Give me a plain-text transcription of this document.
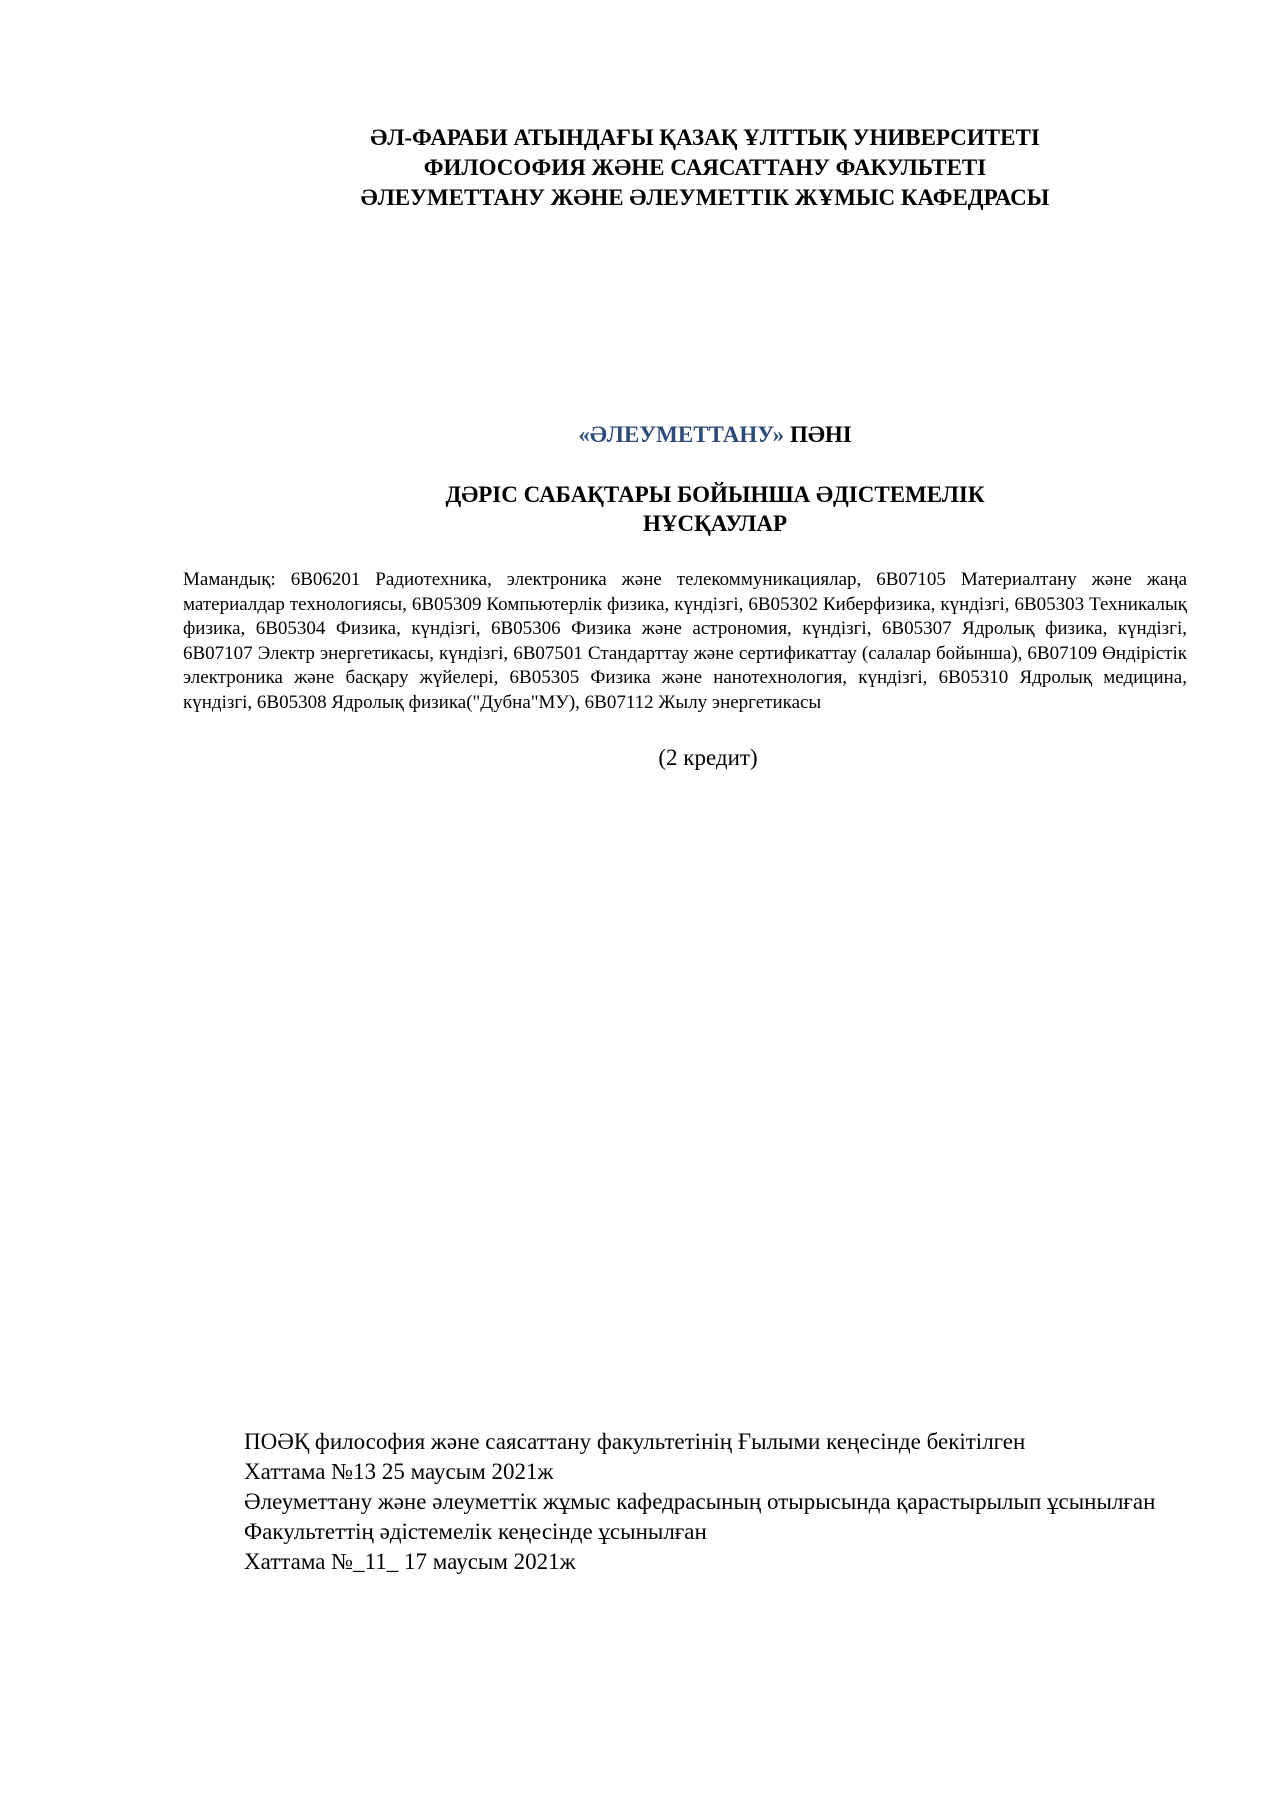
ӘЛ-ФАРАБИ АТЫНДАҒЫ ҚАЗАҚ ҰЛТТЫҚ УНИВЕРСИТЕТІ
ФИЛОСОФИЯ ЖӘНЕ САЯСАТТАНУ ФАКУЛЬТЕТІ
ӘЛЕУМЕТТАНУ ЖӘНЕ ӘЛЕУМЕТТІК ЖҰМЫС КАФЕДРАСЫ
«ӘЛЕУМЕТТАНУ» ПӘНІ
ДӘРІС САБАҚТАРЫ БОЙЫНША ӘДІСТЕМЕЛІК
НҰСҚАУЛАР
Мамандық: 6B06201 Радиотехника, электроника және телекоммуникациялар, 6B07105 Материалтану және жаңа материалдар технологиясы, 6B05309 Компьютерлік физика, күндізгі, 6B05302 Киберфизика, күндізгі, 6B05303 Техникалық физика, 6B05304 Физика, күндізгі, 6B05306 Физика және астрономия, күндізгі, 6B05307 Ядролық физика, күндізгі, 6B07107 Электр энергетикасы, күндізгі, 6B07501 Стандарттау және сертификаттау (салалар бойынша), 6B07109 Өндірістік электроника және басқару жүйелері, 6B05305 Физика және нанотехнология, күндізгі, 6B05310 Ядролық медицина, күндізгі, 6B05308 Ядролық физика("Дубна"МУ), 6B07112 Жылу энергетикасы
(2 кредит)

ПОӘҚ философия және саясаттану факультетінің Ғылыми кеңесінде бекітілген

Хаттама №13 25 маусым 2021ж

Әлеуметтану және әлеуметтік жұмыс кафедрасының отырысында қарастырылып ұсынылған

Факультеттің әдістемелік кеңесінде ұсынылған

Хаттама №_11_ 17 маусым 2021ж
